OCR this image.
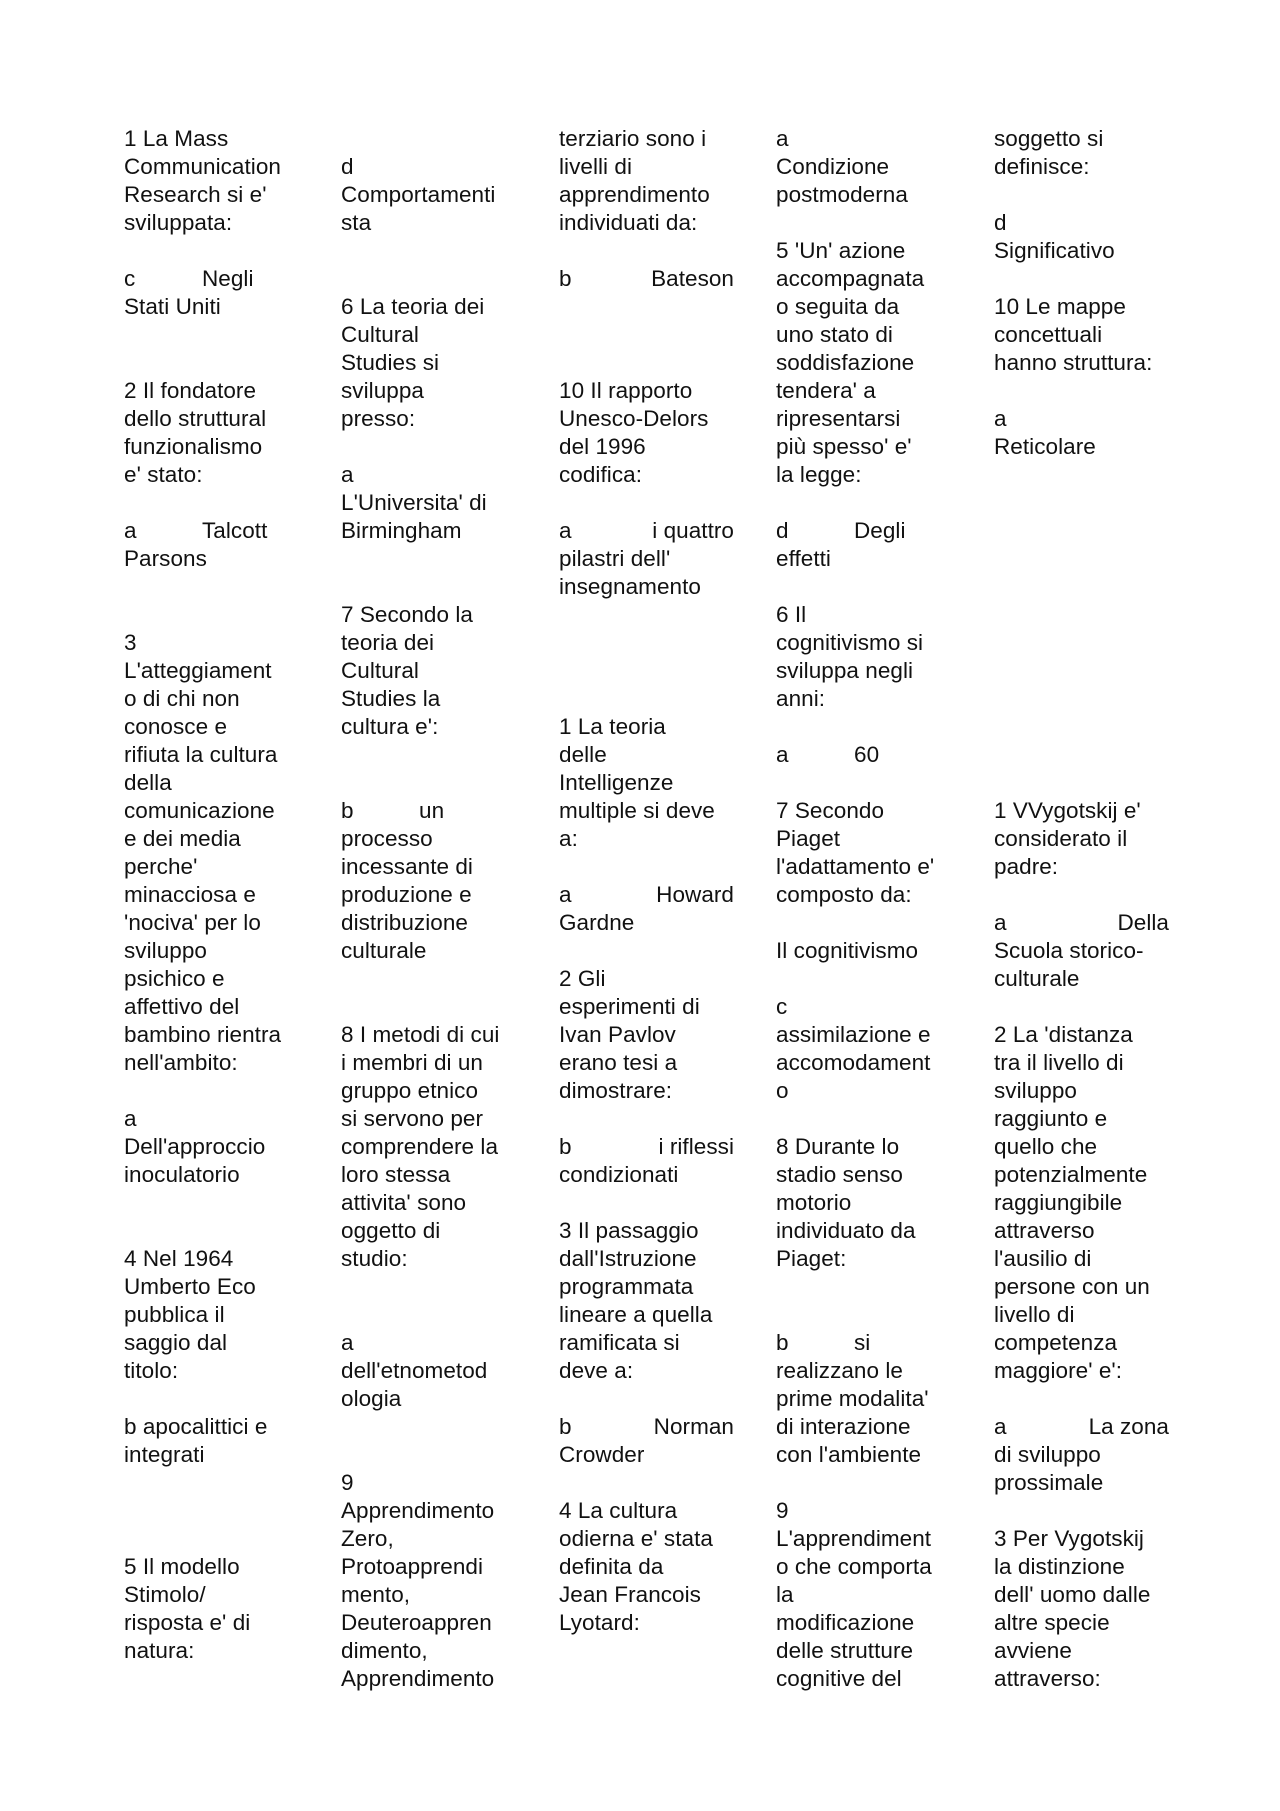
1 La Mass
Communication
Research si e'
sviluppata:
c	Negli
Stati Uniti
2 Il fondatore
dello struttural
funzionalismo
e' stato:
a	Talcott
Parsons
3
L'atteggiament
o di chi non
conosce e
rifiuta la cultura
della
comunicazione
e dei media
perche'
minacciosa e
'nociva' per lo
sviluppo
psichico e
affettivo del
bambino rientra
nell'ambito:
a
Dell'approccio
inoculatorio
4 Nel 1964
Umberto Eco
pubblica il
saggio dal
titolo:
b apocalittici e
integrati
5 Il modello
Stimolo/
risposta e' di
natura:
d
Comportamenti
sta
6 La teoria dei
Cultural
Studies si
sviluppa
presso:
a
L'Universita' di
Birmingham
7 Secondo la
teoria dei
Cultural
Studies la
cultura e':
b	un
processo
incessante di
produzione e
distribuzione
culturale
8 I metodi di cui
i membri di un
gruppo etnico
si servono per
comprendere la
loro stessa
attivita' sono
oggetto di
studio:
a
dell'etnometod
ologia
9
Apprendimento
Zero,
Protoapprendi
mento,
Deuteroappren
dimento,
Apprendimento
terziario sono i
livelli di
apprendimento
individuati da:
b	Bateson
10 Il rapporto
Unesco-Delors
del 1996
codifica:
a	i quattro
pilastri dell'
insegnamento
1 La teoria
delle
Intelligenze
multiple si deve
a:
a	Howard
Gardne
2 Gli
esperimenti di
Ivan Pavlov
erano tesi a
dimostrare:
b	i riflessi
condizionati
3 Il passaggio
dall'Istruzione
programmata
lineare a quella
ramificata si
deve a:
b	Norman
Crowder
4 La cultura
odierna e' stata
definita da
Jean Francois
Lyotard:
a
Condizione
postmoderna
5 'Un' azione
accompagnata
o seguita da
uno stato di
soddisfazione
tendera' a
ripresentarsi
più spesso' e'
la legge:
d	Degli
effetti
6 Il
cognitivismo si
sviluppa negli
anni:
a	60
7 Secondo
Piaget
l'adattamento e'
composto da:
Il cognitivismo
c
assimilazione e
accomodament
o
8 Durante lo
stadio senso
motorio
individuato da
Piaget:
b	si
realizzano le
prime modalita'
di interazione
con l'ambiente
9
L'apprendiment
o che comporta
la
modificazione
delle strutture
cognitive del
soggetto si
definisce:
d
Significativo
10 Le mappe
concettuali
hanno struttura:
a
Reticolare
1 VVygotskij e'
considerato il
padre:
a	Della
Scuola storico-
culturale
2 La 'distanza
tra il livello di
sviluppo
raggiunto e
quello che
potenzialmente
raggiungibile
attraverso
l'ausilio di
persone con un
livello di
competenza
maggiore' e':
a	La zona
di sviluppo
prossimale
3 Per Vygotskij
la distinzione
dell' uomo dalle
altre specie
avviene
attraverso:
